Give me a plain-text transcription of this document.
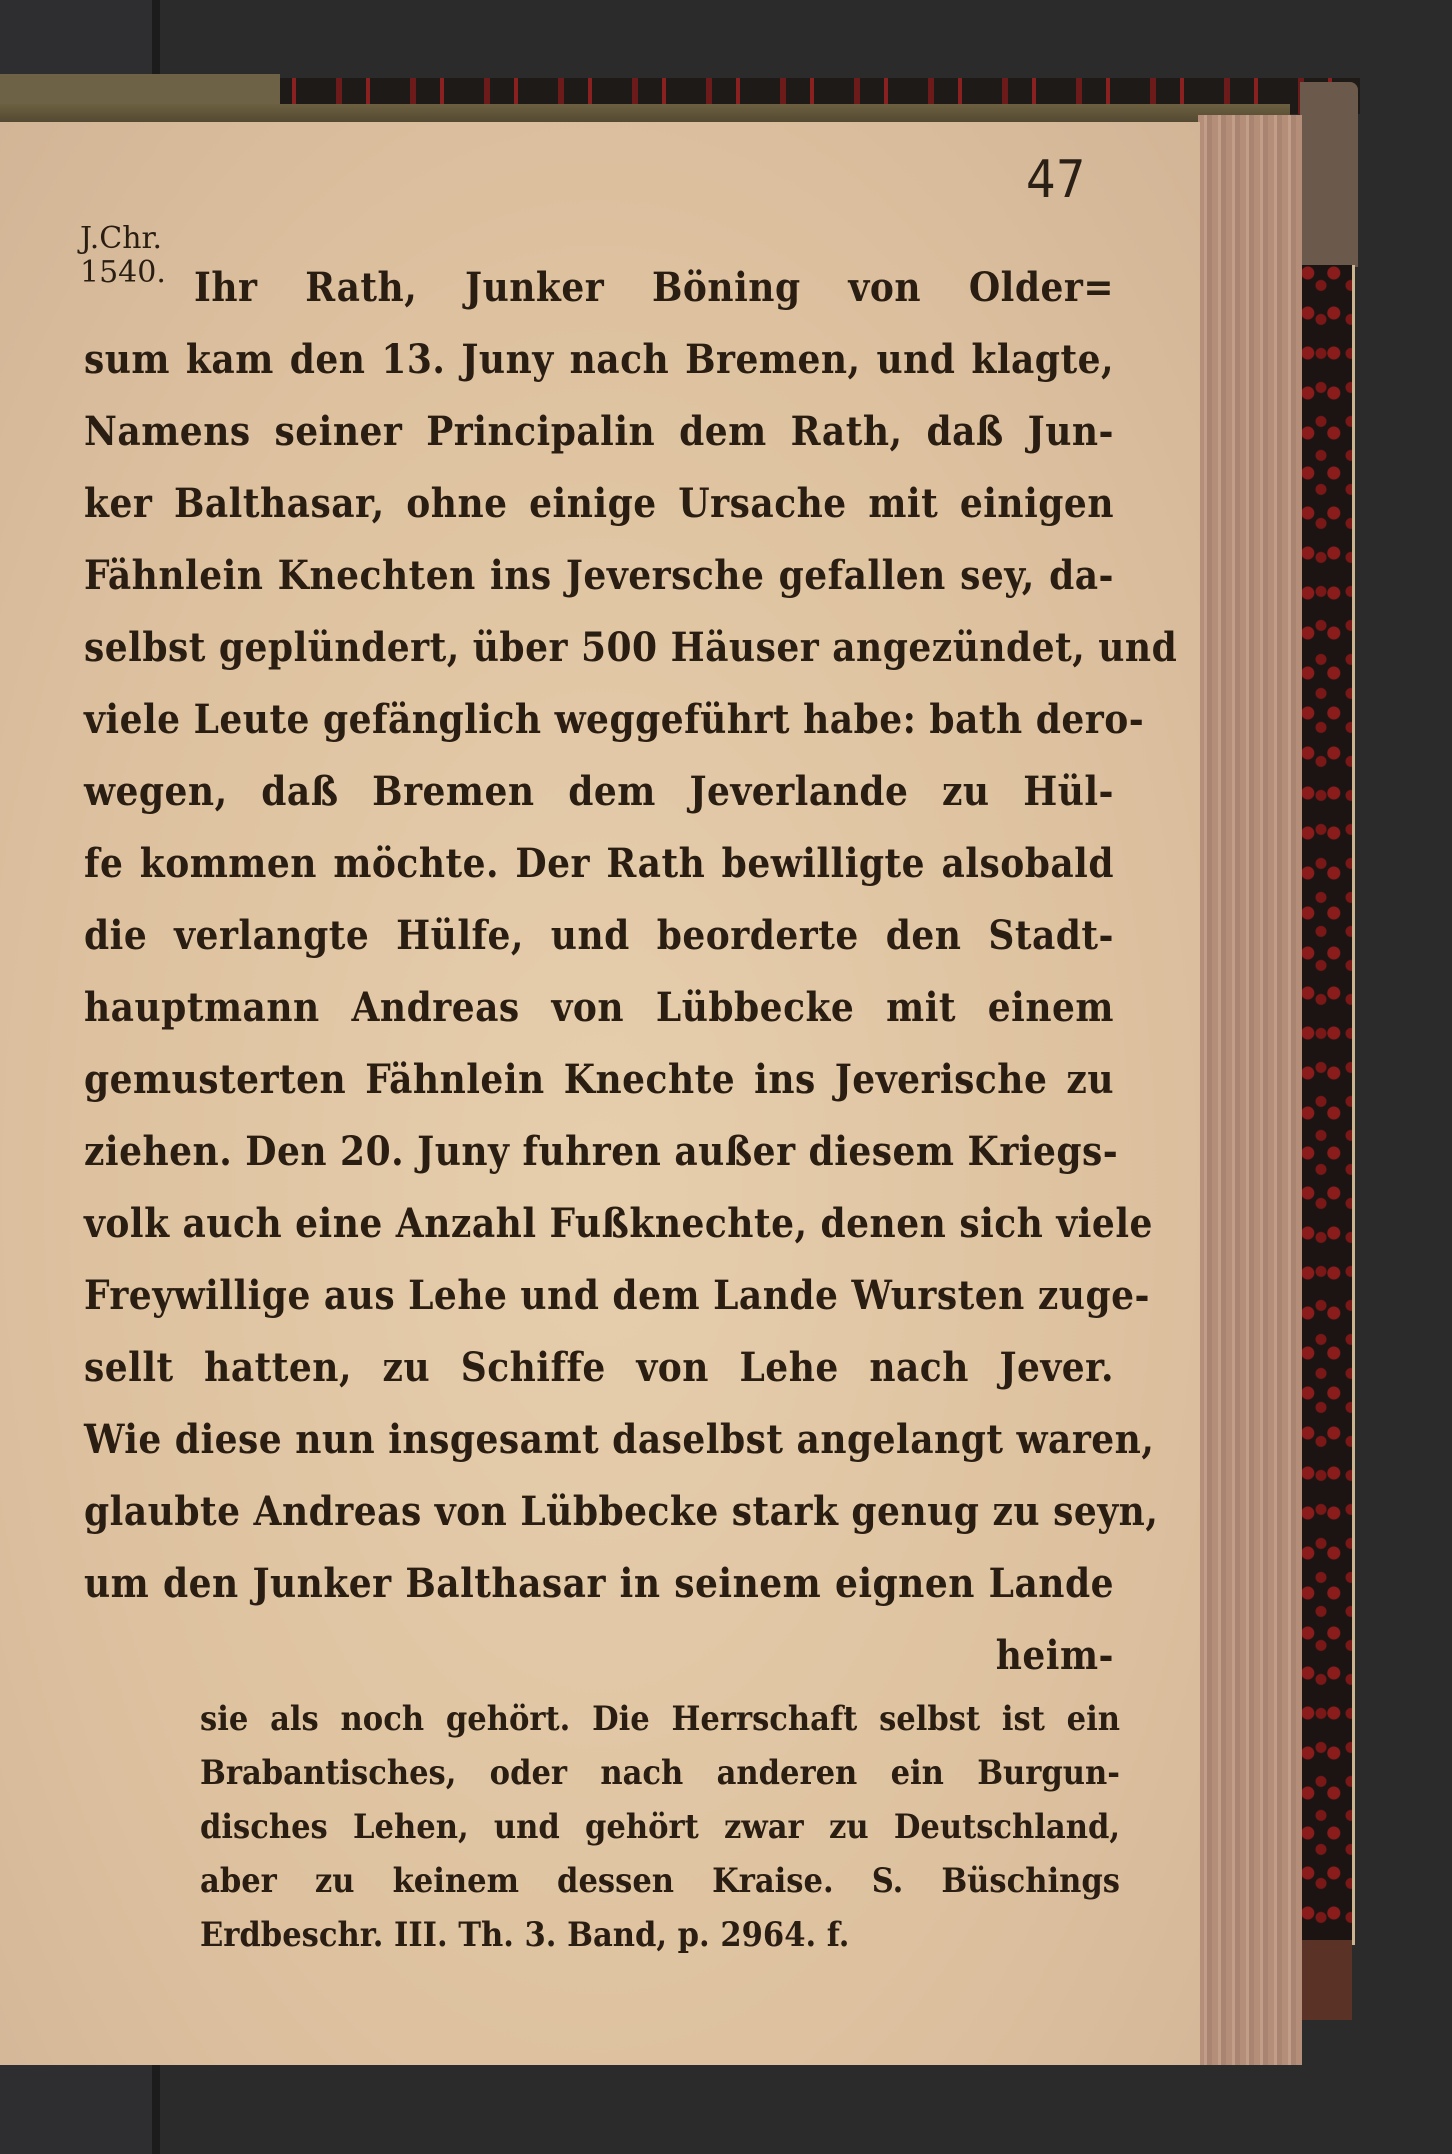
47
J.Chr.
1540. Ihr Rath, Junker Böning von Older=
sum kam den 13. Juny nach Bremen, und klagte,
Namens seiner Principalin dem Rath, daß Jun-
ker Balthasar, ohne einige Ursache mit einigen
Fähnlein Knechten ins Jeversche gefallen sey, da-
selbst geplündert, über 500 Häuser angezündet, und
viele Leute gefänglich weggeführt habe: bath dero-
wegen, daß Bremen dem Jeverlande zu Hül-
fe kommen möchte. Der Rath bewilligte alsobald
die verlangte Hülfe, und beorderte den Stadt-
hauptmann Andreas von Lübbecke mit einem
gemusterten Fähnlein Knechte ins Jeverische zu
ziehen. Den 20. Juny fuhren außer diesem Kriegs-
volk auch eine Anzahl Fußknechte, denen sich viele
Freywillige aus Lehe und dem Lande Wursten zuge-
sellt hatten, zu Schiffe von Lehe nach Jever.
Wie diese nun insgesamt daselbst angelangt waren,
glaubte Andreas von Lübbecke stark genug zu seyn,
um den Junker Balthasar in seinem eignen Lande
heim-
sie als noch gehört. Die Herrschaft selbst ist ein
Brabantisches, oder nach anderen ein Burgun-
disches Lehen, und gehört zwar zu Deutschland,
aber zu keinem dessen Kraise. S. Büschings
Erdbeschr. III. Th. 3. Band, p. 2964. f.
